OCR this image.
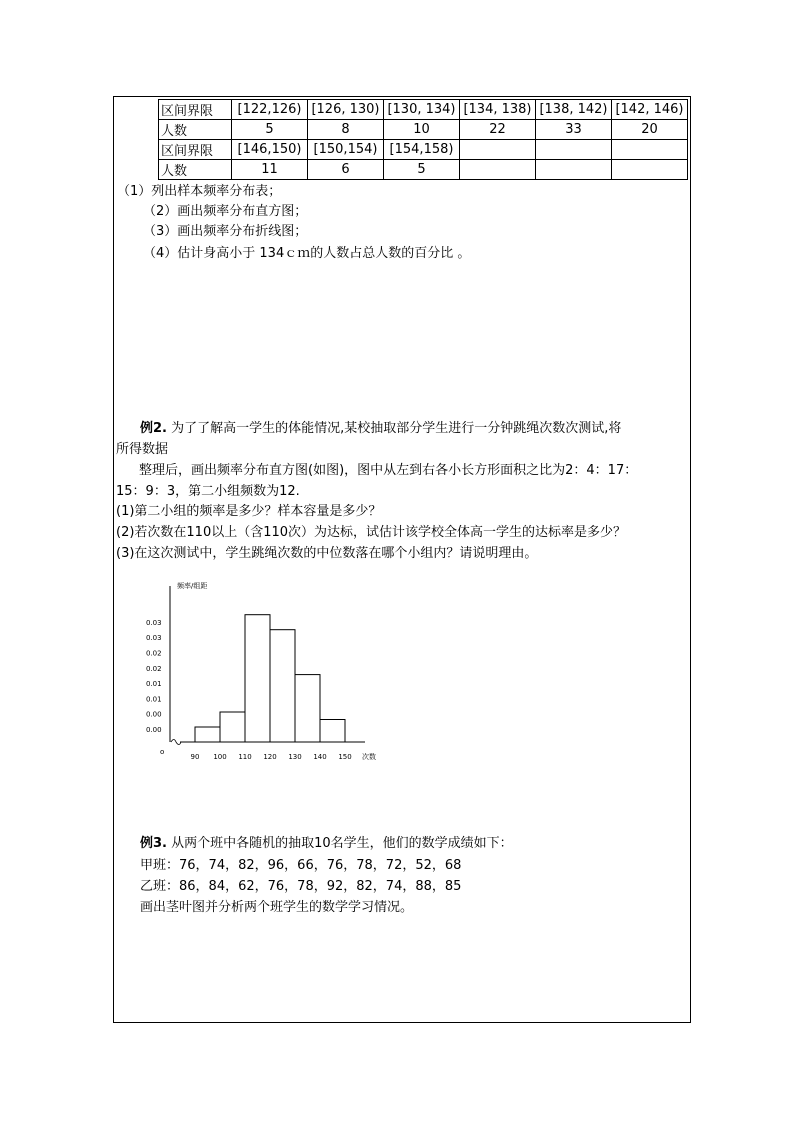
区间界限	[122,126)	[126, 130)	[130, 134)	[134, 138)	[138, 142)	[142, 146)
人数	5	8	10	22	33	20
区间界限	[146,150)	[150,154)	[154,158)			
人数	11	6	5			
（1）列出样本频率分布表；
（2）画出频率分布直方图；
（3）画出频率分布折线图；
（4）估计身高小于 134ｃｍ的人数占总人数的百分比 。
例2. 为了了解高一学生的体能情况,某校抽取部分学生进行一分钟跳绳次数次测试,将
所得数据
整理后，画出频率分布直方图(如图)，图中从左到右各小长方形面积之比为2：4：17：
15：9：3，第二小组频数为12.
(1)第二小组的频率是多少？样本容量是多少？
(2)若次数在110以上（含110次）为达标，试估计该学校全体高一学生的达标率是多少？
(3)在这次测试中，学生跳绳次数的中位数落在哪个小组内？请说明理由。
频率/组距
次数
o
0.00
0.00
0.01
0.01
0.02
0.02
0.03
0.03
90 100 110 120 130 140 150
例3. 从两个班中各随机的抽取10名学生，他们的数学成绩如下：
甲班：76，74，82，96，66，76，78，72，52，68
乙班：86，84，62，76，78，92，82，74，88，85
画出茎叶图并分析两个班学生的数学学习情况。
